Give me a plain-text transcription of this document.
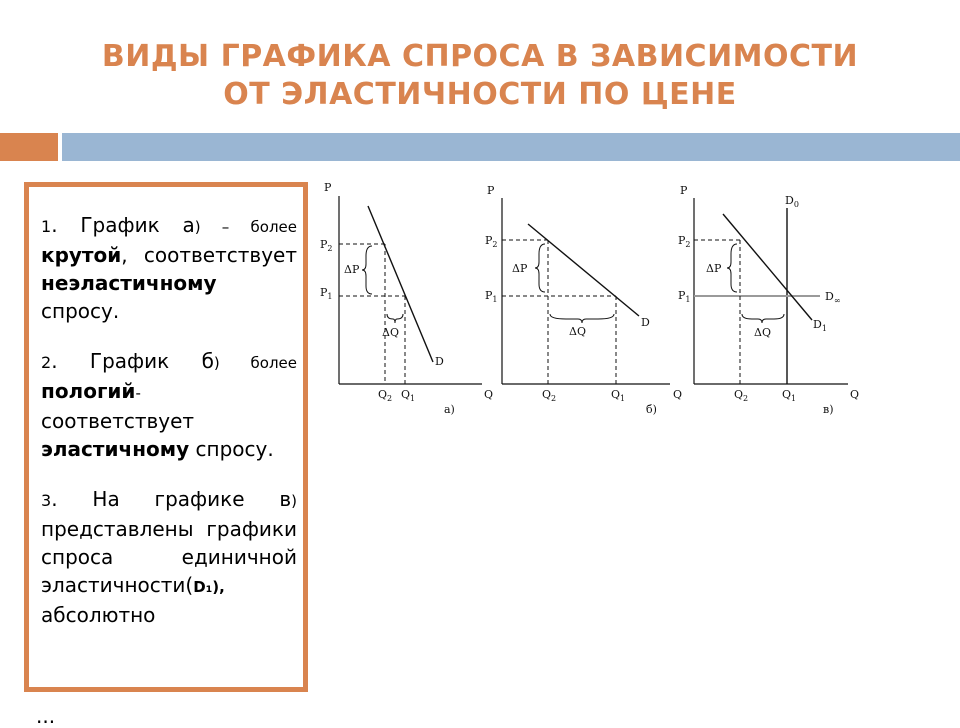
ВИДЫ ГРАФИКА СПРОСА В ЗАВИСИМОСТИ
ОТ ЭЛАСТИЧНОСТИ ПО ЦЕНЕ

1. График а) – более крутой, соответствует неэластичному спросу.

2. График б) более пологий- соответствует эластичному спросу.

3. На графике в) представлены графики спроса единичной эластичности(D₁), абсолютно

P
$P_2$
$P_1$
ΔP
ΔQ
D
Q
$Q_2$ $Q_1$
а)
P
$P_2$
$P_1$
ΔP
ΔQ
D
Q
$Q_2$	$Q_1$
б)
P
$P_2$
$P_1$
ΔP
ΔQ
$D_0$
$D_\infty$
$D_1$
Q
$Q_2$	$Q_1$
в)
...
